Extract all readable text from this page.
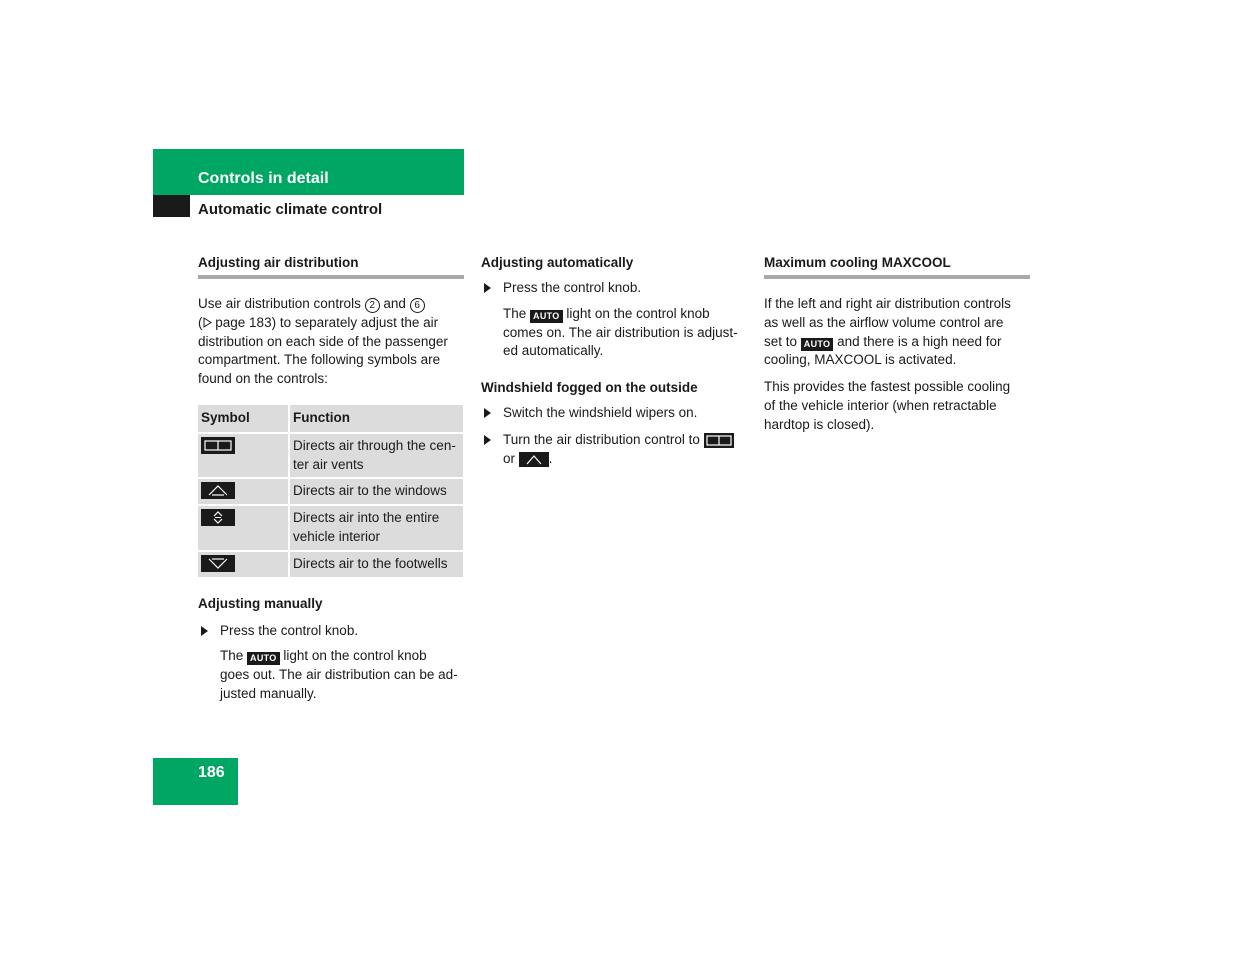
Controls in detail
Automatic climate control
Adjusting air distribution

Use air distribution controls 2 and 6
( page 183) to separately adjust the air
distribution on each side of the passenger
compartment. The following symbols are
found on the controls:

Symbol	Function

	Directs air through the cen-
ter air vents

	Directs air to the windows

	Directs air into the entire
vehicle interior

	Directs air to the footwells
Adjusting manually

Press the control knob.

The AUTO light on the control knob
goes out. The air distribution can be ad-
justed manually.

Adjusting automatically

Press the control knob.

The AUTO light on the control knob
comes on. The air distribution is adjust-
ed automatically.

Windshield fogged on the outside

Switch the windshield wipers on.

Turn the air distribution control to

or	.

Maximum cooling MAXCOOL

If the left and right air distribution controls
as well as the airflow volume control are
set to AUTO and there is a high need for
cooling, MAXCOOL is activated.

This provides the fastest possible cooling
of the vehicle interior (when retractable
hardtop is closed).

186
